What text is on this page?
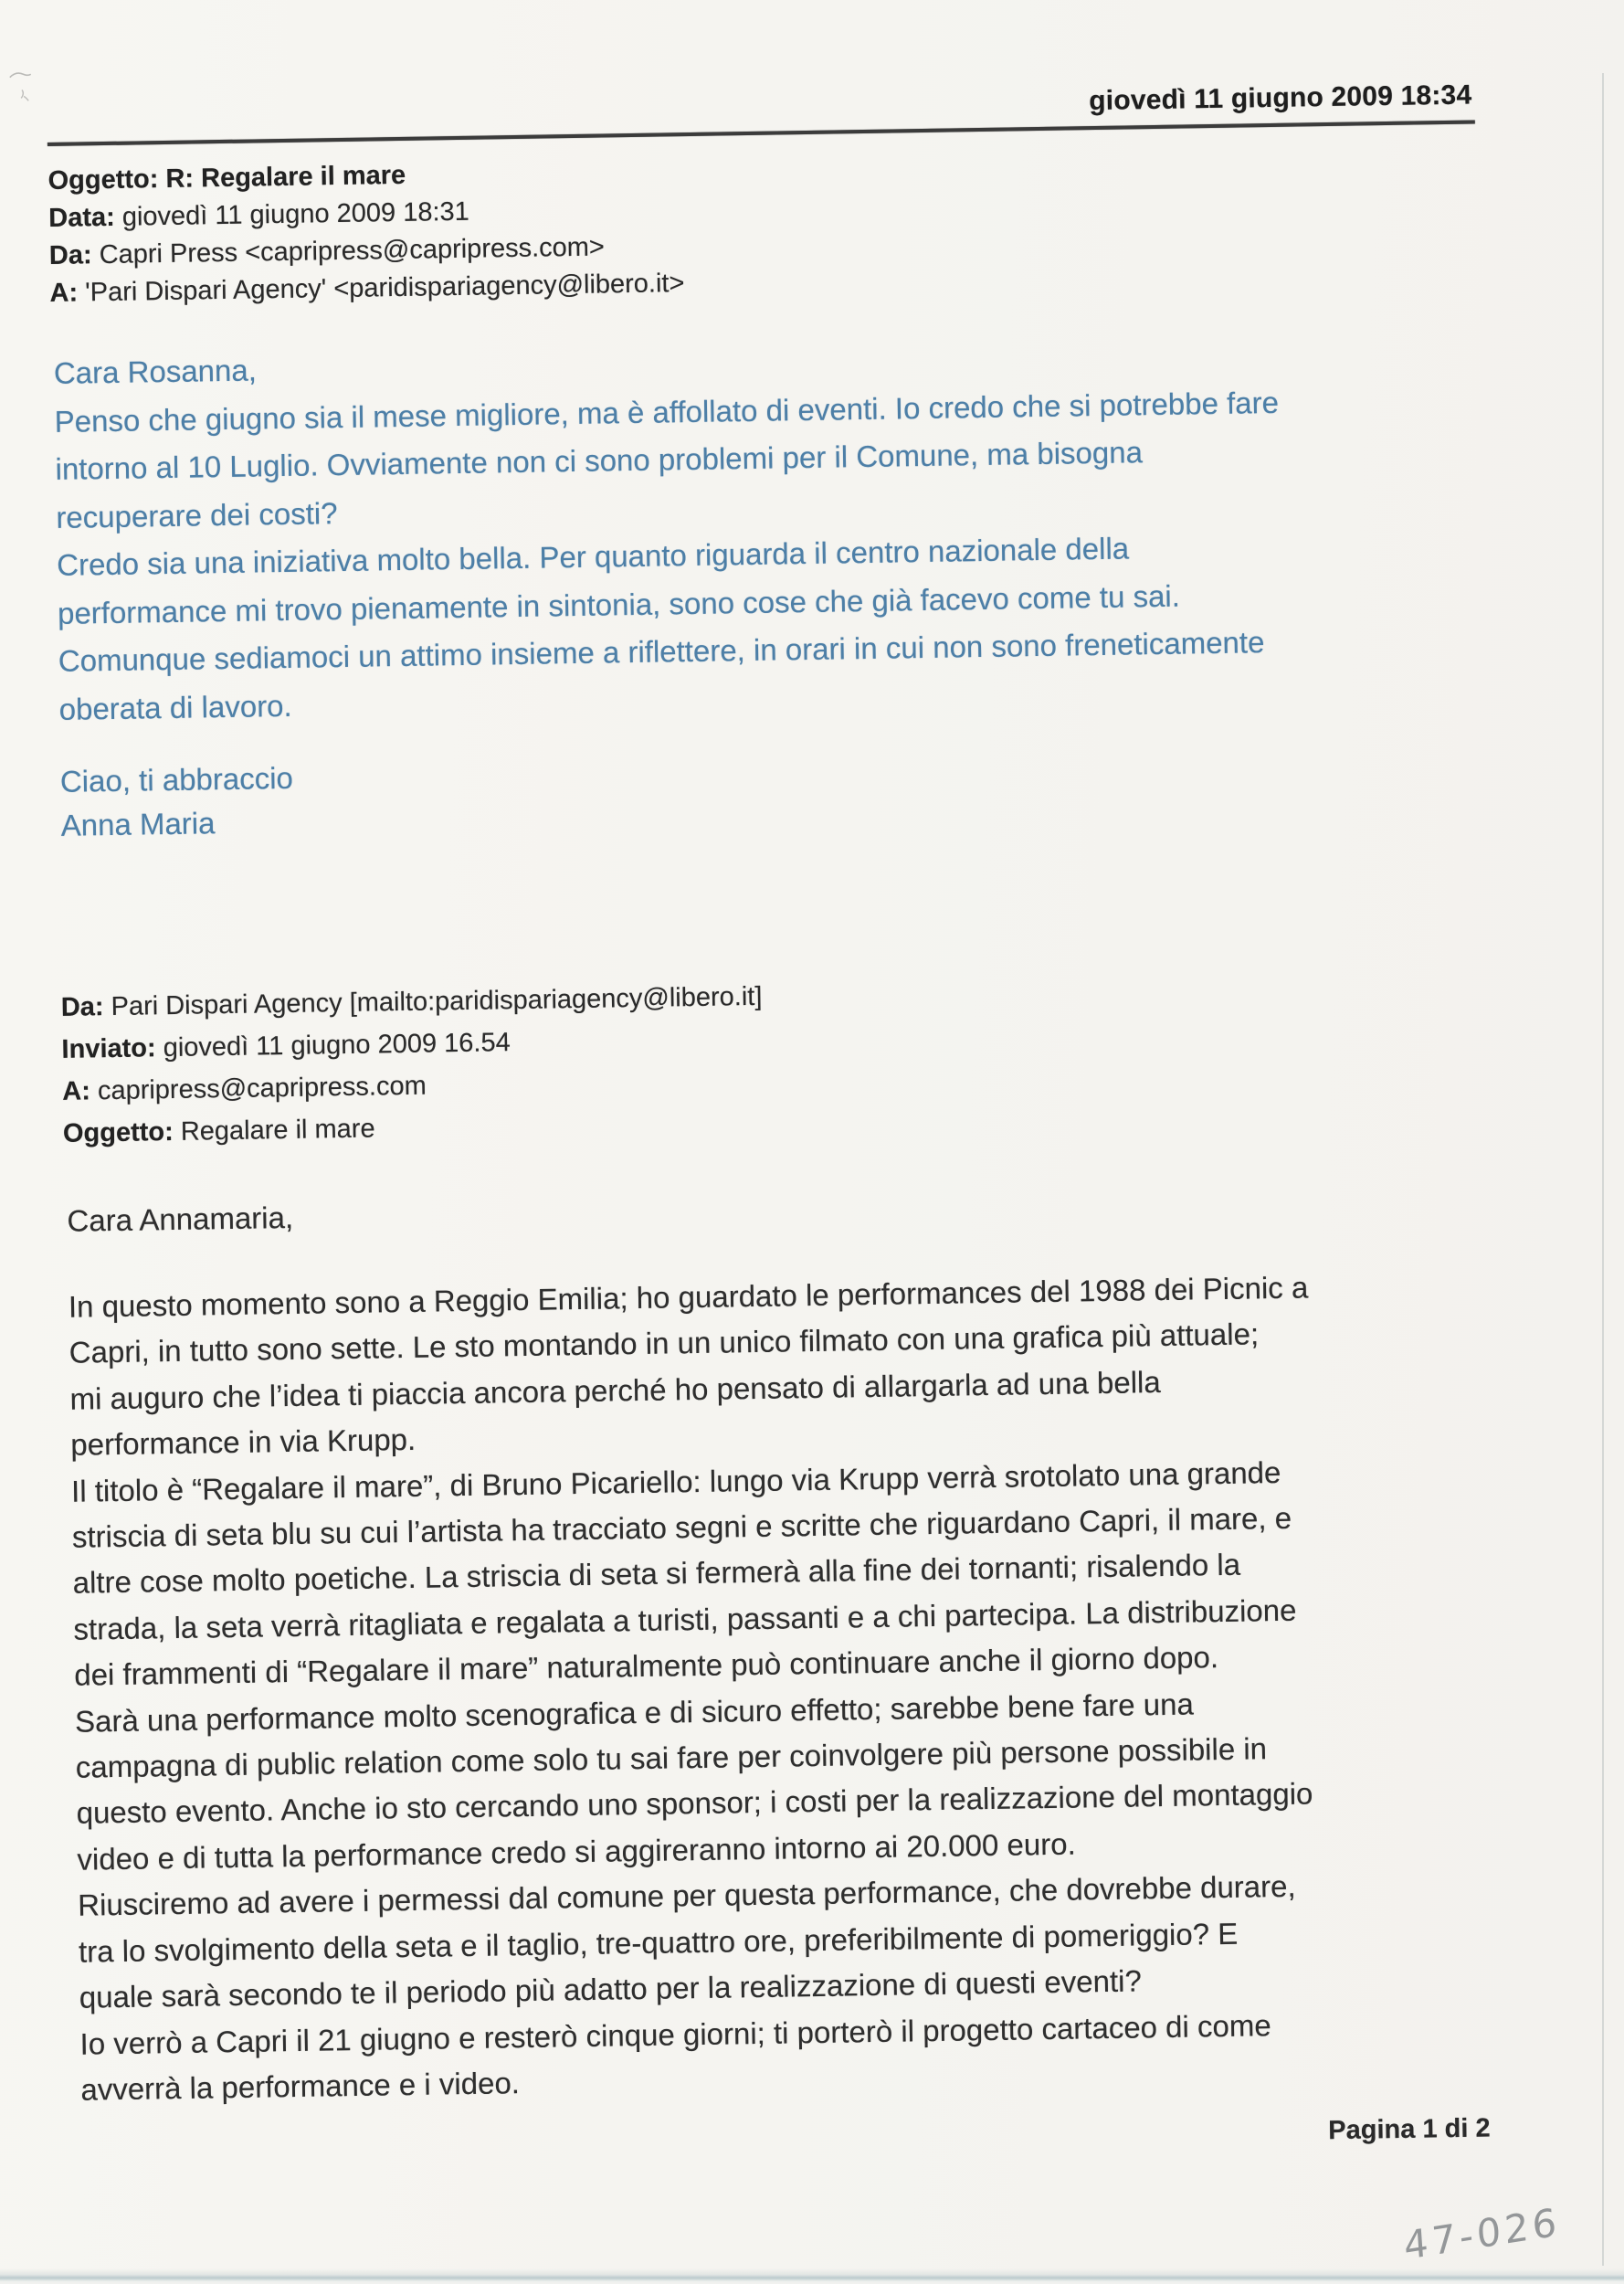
giovedì 11 giugno 2009 18:34
Oggetto: R: Regalare il mare
Data: giovedì 11 giugno 2009 18:31
Da: Capri Press <capripress@capripress.com>
A: 'Pari Dispari Agency' <paridispariagency@libero.it>
Cara Rosanna,
Penso che giugno sia il mese migliore, ma è affollato di eventi. Io credo che si potrebbe fare
intorno al 10 Luglio. Ovviamente non ci sono problemi per il Comune, ma bisogna
recuperare dei costi?
Credo sia una iniziativa molto bella. Per quanto riguarda il centro nazionale della
performance mi trovo pienamente in sintonia, sono cose che già facevo come tu sai.
Comunque sediamoci un attimo insieme a riflettere, in orari in cui non sono freneticamente
oberata di lavoro.
Ciao, ti abbraccio
Anna Maria
Da: Pari Dispari Agency [mailto:paridispariagency@libero.it]
Inviato: giovedì 11 giugno 2009 16.54
A: capripress@capripress.com
Oggetto: Regalare il mare
Cara Annamaria,
In questo momento sono a Reggio Emilia; ho guardato le performances del 1988 dei Picnic a
Capri, in tutto sono sette. Le sto montando in un unico filmato con una grafica più attuale;
mi auguro che l’idea ti piaccia ancora perché ho pensato di allargarla ad una bella
performance in via Krupp.
Il titolo è “Regalare il mare”, di Bruno Picariello: lungo via Krupp verrà srotolato una grande
striscia di seta blu su cui l’artista ha tracciato segni e scritte che riguardano Capri, il mare, e
altre cose molto poetiche. La striscia di seta si fermerà alla fine dei tornanti; risalendo la
strada, la seta verrà ritagliata e regalata a turisti, passanti e a chi partecipa. La distribuzione
dei frammenti di “Regalare il mare” naturalmente può continuare anche il giorno dopo.
Sarà una performance molto scenografica e di sicuro effetto; sarebbe bene fare una
campagna di public relation come solo tu sai fare per coinvolgere più persone possibile in
questo evento. Anche io sto cercando uno sponsor; i costi per la realizzazione del montaggio
video e di tutta la performance credo si aggireranno intorno ai 20.000 euro.
Riusciremo ad avere i permessi dal comune per questa performance, che dovrebbe durare,
tra lo svolgimento della seta e il taglio, tre-quattro ore, preferibilmente di pomeriggio? E
quale sarà secondo te il periodo più adatto per la realizzazione di questi eventi?
Io verrò a Capri il 21 giugno e resterò cinque giorni; ti porterò il progetto cartaceo di come
avverrà la performance e i video.
Pagina 1 di 2
47-026
